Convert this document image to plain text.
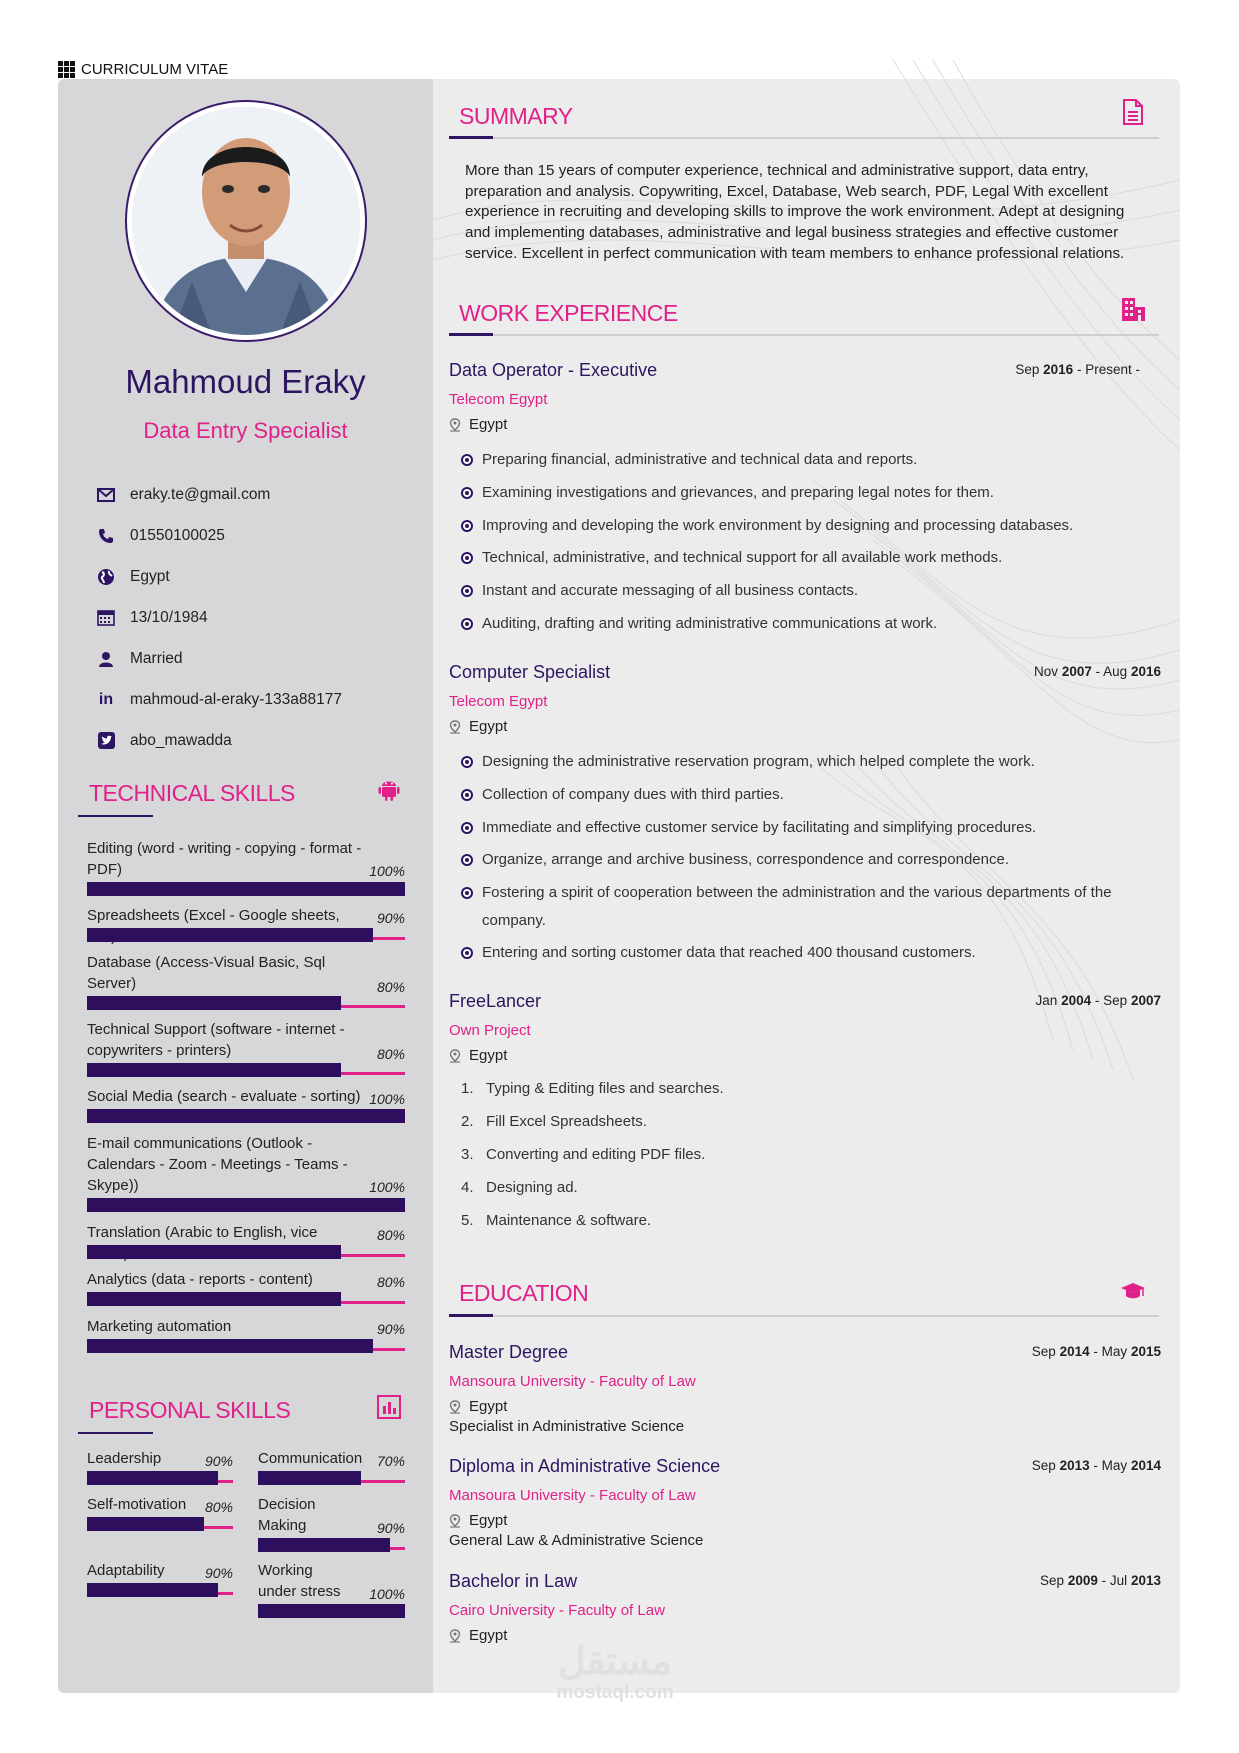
CURRICULUM VITAE
Mahmoud Eraky
Data Entry Specialist
eraky.te@gmail.com
01550100025
Egypt
13/10/1984
Married
in mahmoud-al-eraky-133a88177
abo_mawadda
TECHNICAL SKILLS
Editing (word - writing - copying - format - PDF)	100%
Spreadsheets (Excel - Google sheets,	90%
Database (Access-Visual Basic, Sql Server)	80%
Technical Support (software - internet - copywriters - printers)	80%
Social Media (search - evaluate - sorting) 100%
E-mail communications (Outlook - Calendars - Zoom - Meetings - Teams - Skype))	100%
Translation (Arabic to English, vice	80%
Analytics (data - reports - content)	80%
Marketing automation	90%
PERSONAL SKILLS
Leadership	90%
Self-motivation	80%
Adaptability	90%
Communication	70%
Decision Making	90%
Working under stress	100%
SUMMARY
More than 15 years of computer experience, technical and administrative support, data entry, preparation and analysis. Copywriting, Excel, Database, Web search, PDF, Legal With excellent experience in recruiting and developing skills to improve the work environment. Adept at designing and implementing databases, administrative and legal business strategies and effective customer service. Excellent in perfect communication with team members to enhance professional relations.
WORK EXPERIENCE
Data Operator - Executive	Sep 2016 - Present -
Telecom Egypt
Egypt
Preparing financial, administrative and technical data and reports.
Examining investigations and grievances, and preparing legal notes for them.
Improving and developing the work environment by designing and processing databases.
Technical, administrative, and technical support for all available work methods.
Instant and accurate messaging of all business contacts.
Auditing, drafting and writing administrative communications at work.
Computer Specialist	Nov 2007 - Aug 2016
Telecom Egypt
Egypt
Designing the administrative reservation program, which helped complete the work.
Collection of company dues with third parties.
Immediate and effective customer service by facilitating and simplifying procedures.
Organize, arrange and archive business, correspondence and correspondence.
Fostering a spirit of cooperation between the administration and the various departments of the company.
Entering and sorting customer data that reached 400 thousand customers.
FreeLancer	Jan 2004 - Sep 2007
Own Project
Egypt
1. Typing & Editing files and searches.
2. Fill Excel Spreadsheets.
3. Converting and editing PDF files.
4. Designing ad.
5. Maintenance & software.
EDUCATION
Master Degree	Sep 2014 - May 2015
Mansoura University - Faculty of Law
Egypt
Specialist in Administrative Science
Diploma in Administrative Science	Sep 2013 - May 2014
Mansoura University - Faculty of Law
Egypt
General Law & Administrative Science
Bachelor in Law	Sep 2009 - Jul 2013
Cairo University - Faculty of Law
Egypt
مستقل
mostaql.com
